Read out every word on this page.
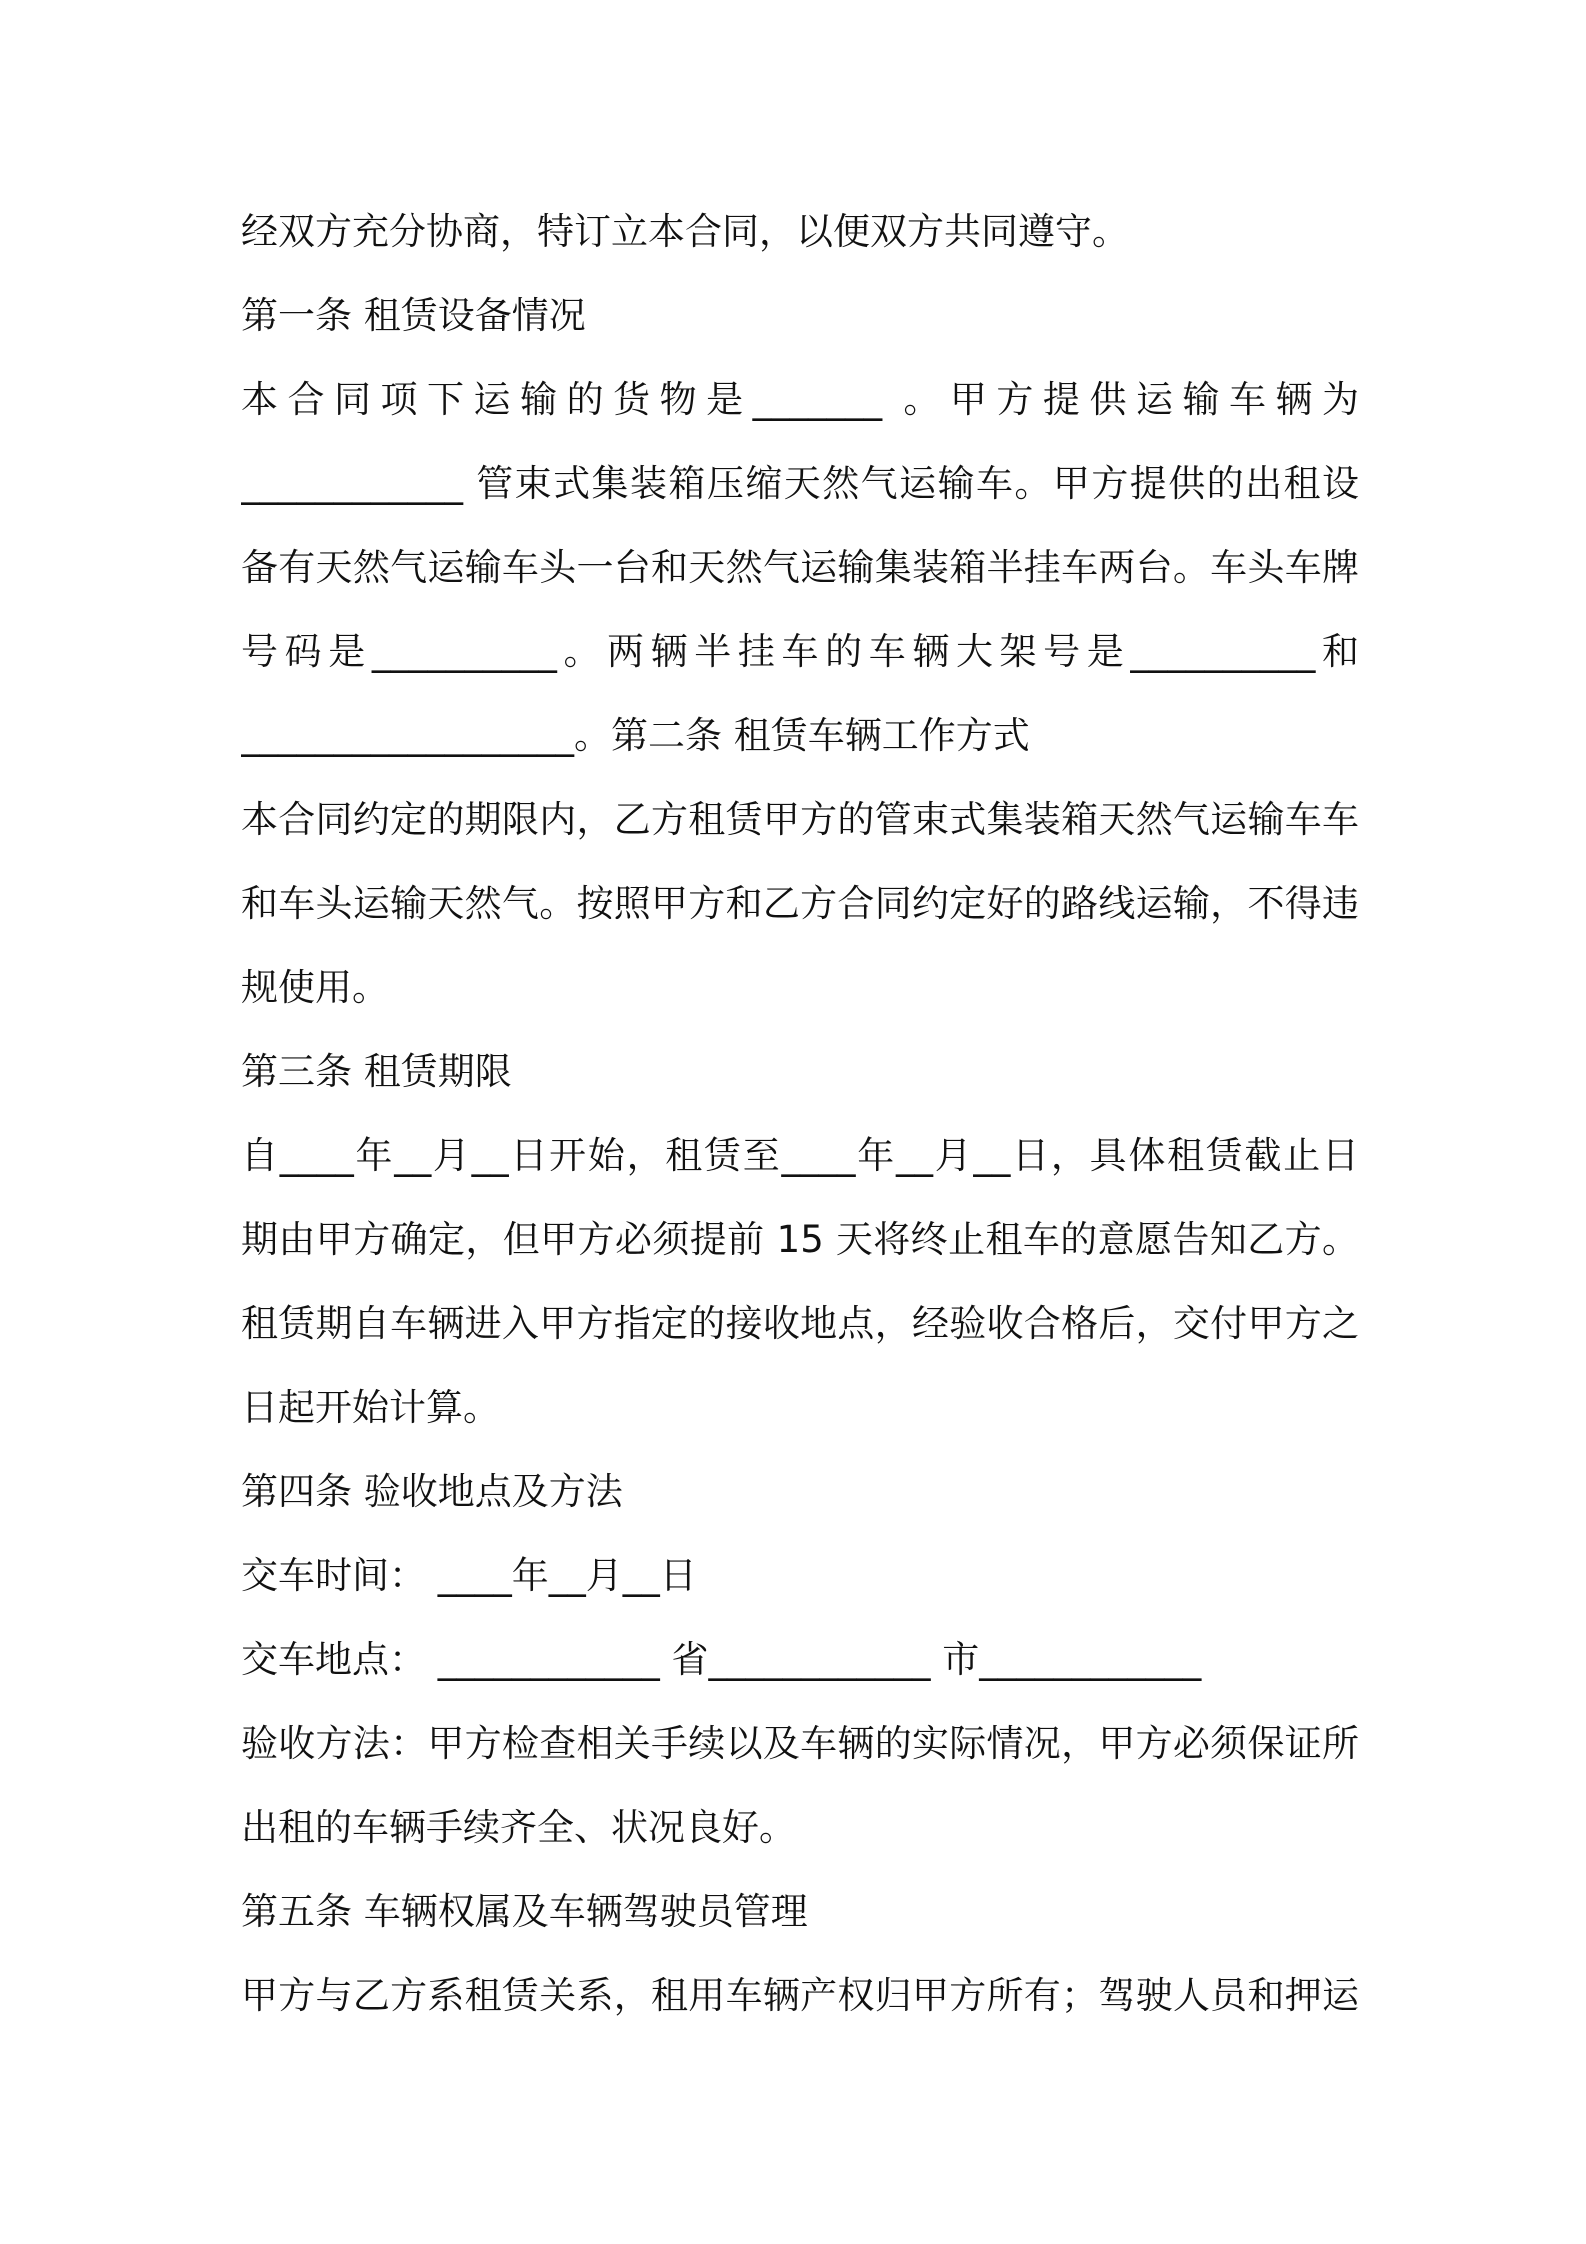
经双方充分协商，特订立本合同，以便双方共同遵守。
第一条 租赁设备情况
本合同项下运输的货物是_______ 。甲方提供运输车辆为
____________ 管束式集装箱压缩天然气运输车。甲方提供的出租设
备有天然气运输车头一台和天然气运输集装箱半挂车两台。车头车牌
号码是__________。两辆半挂车的车辆大架号是__________和
__________________。第二条 租赁车辆工作方式
本合同约定的期限内，乙方租赁甲方的管束式集装箱天然气运输车车
和车头运输天然气。按照甲方和乙方合同约定好的路线运输，不得违
规使用。
第三条 租赁期限
自____年__月__日开始，租赁至____年__月__日，具体租赁截止日
期由甲方确定，但甲方必须提前 15 天将终止租车的意愿告知乙方。
租赁期自车辆进入甲方指定的接收地点，经验收合格后，交付甲方之
日起开始计算。
第四条 验收地点及方法
交车时间： ____年__月__日
交车地点： ____________ 省____________ 市____________
验收方法：甲方检查相关手续以及车辆的实际情况，甲方必须保证所
出租的车辆手续齐全、状况良好。
第五条 车辆权属及车辆驾驶员管理
甲方与乙方系租赁关系，租用车辆产权归甲方所有；驾驶人员和押运
